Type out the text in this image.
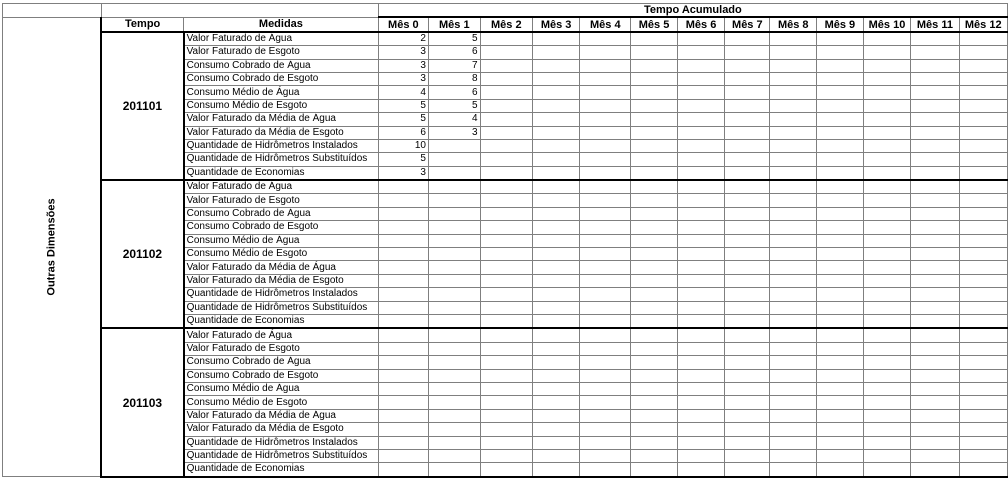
			Tempo Acumulado												
Outras Dimensões	Tempo	Medidas	Mês 0	Mês 1	Mês 2	Mês 3	Mês 4	Mês 5	Mês 6	Mês 7	Mês 8	Mês 9	Mês 10	Mês 11	Mês 12
	201101	Valor Faturado de Água	2	5											
		Valor Faturado de Esgoto	3	6											
		Consumo Cobrado de Água	3	7											
		Consumo Cobrado de Esgoto	3	8											
		Consumo Médio de Água	4	6											
		Consumo Médio de Esgoto	5	5											
		Valor Faturado da Média de Água	5	4											
		Valor Faturado da Média de Esgoto	6	3											
		Quantidade de Hidrômetros Instalados	10												
		Quantidade de Hidrômetros Substituídos	5												
		Quantidade de Economias	3												
	201102	Valor Faturado de Água													
		Valor Faturado de Esgoto													
		Consumo Cobrado de Água													
		Consumo Cobrado de Esgoto													
		Consumo Médio de Água													
		Consumo Médio de Esgoto													
		Valor Faturado da Média de Água													
		Valor Faturado da Média de Esgoto													
		Quantidade de Hidrômetros Instalados													
		Quantidade de Hidrômetros Substituídos													
		Quantidade de Economias													
	201103	Valor Faturado de Água													
		Valor Faturado de Esgoto													
		Consumo Cobrado de Água													
		Consumo Cobrado de Esgoto													
		Consumo Médio de Água													
		Consumo Médio de Esgoto													
		Valor Faturado da Média de Água													
		Valor Faturado da Média de Esgoto													
		Quantidade de Hidrômetros Instalados													
		Quantidade de Hidrômetros Substituídos													
		Quantidade de Economias													
